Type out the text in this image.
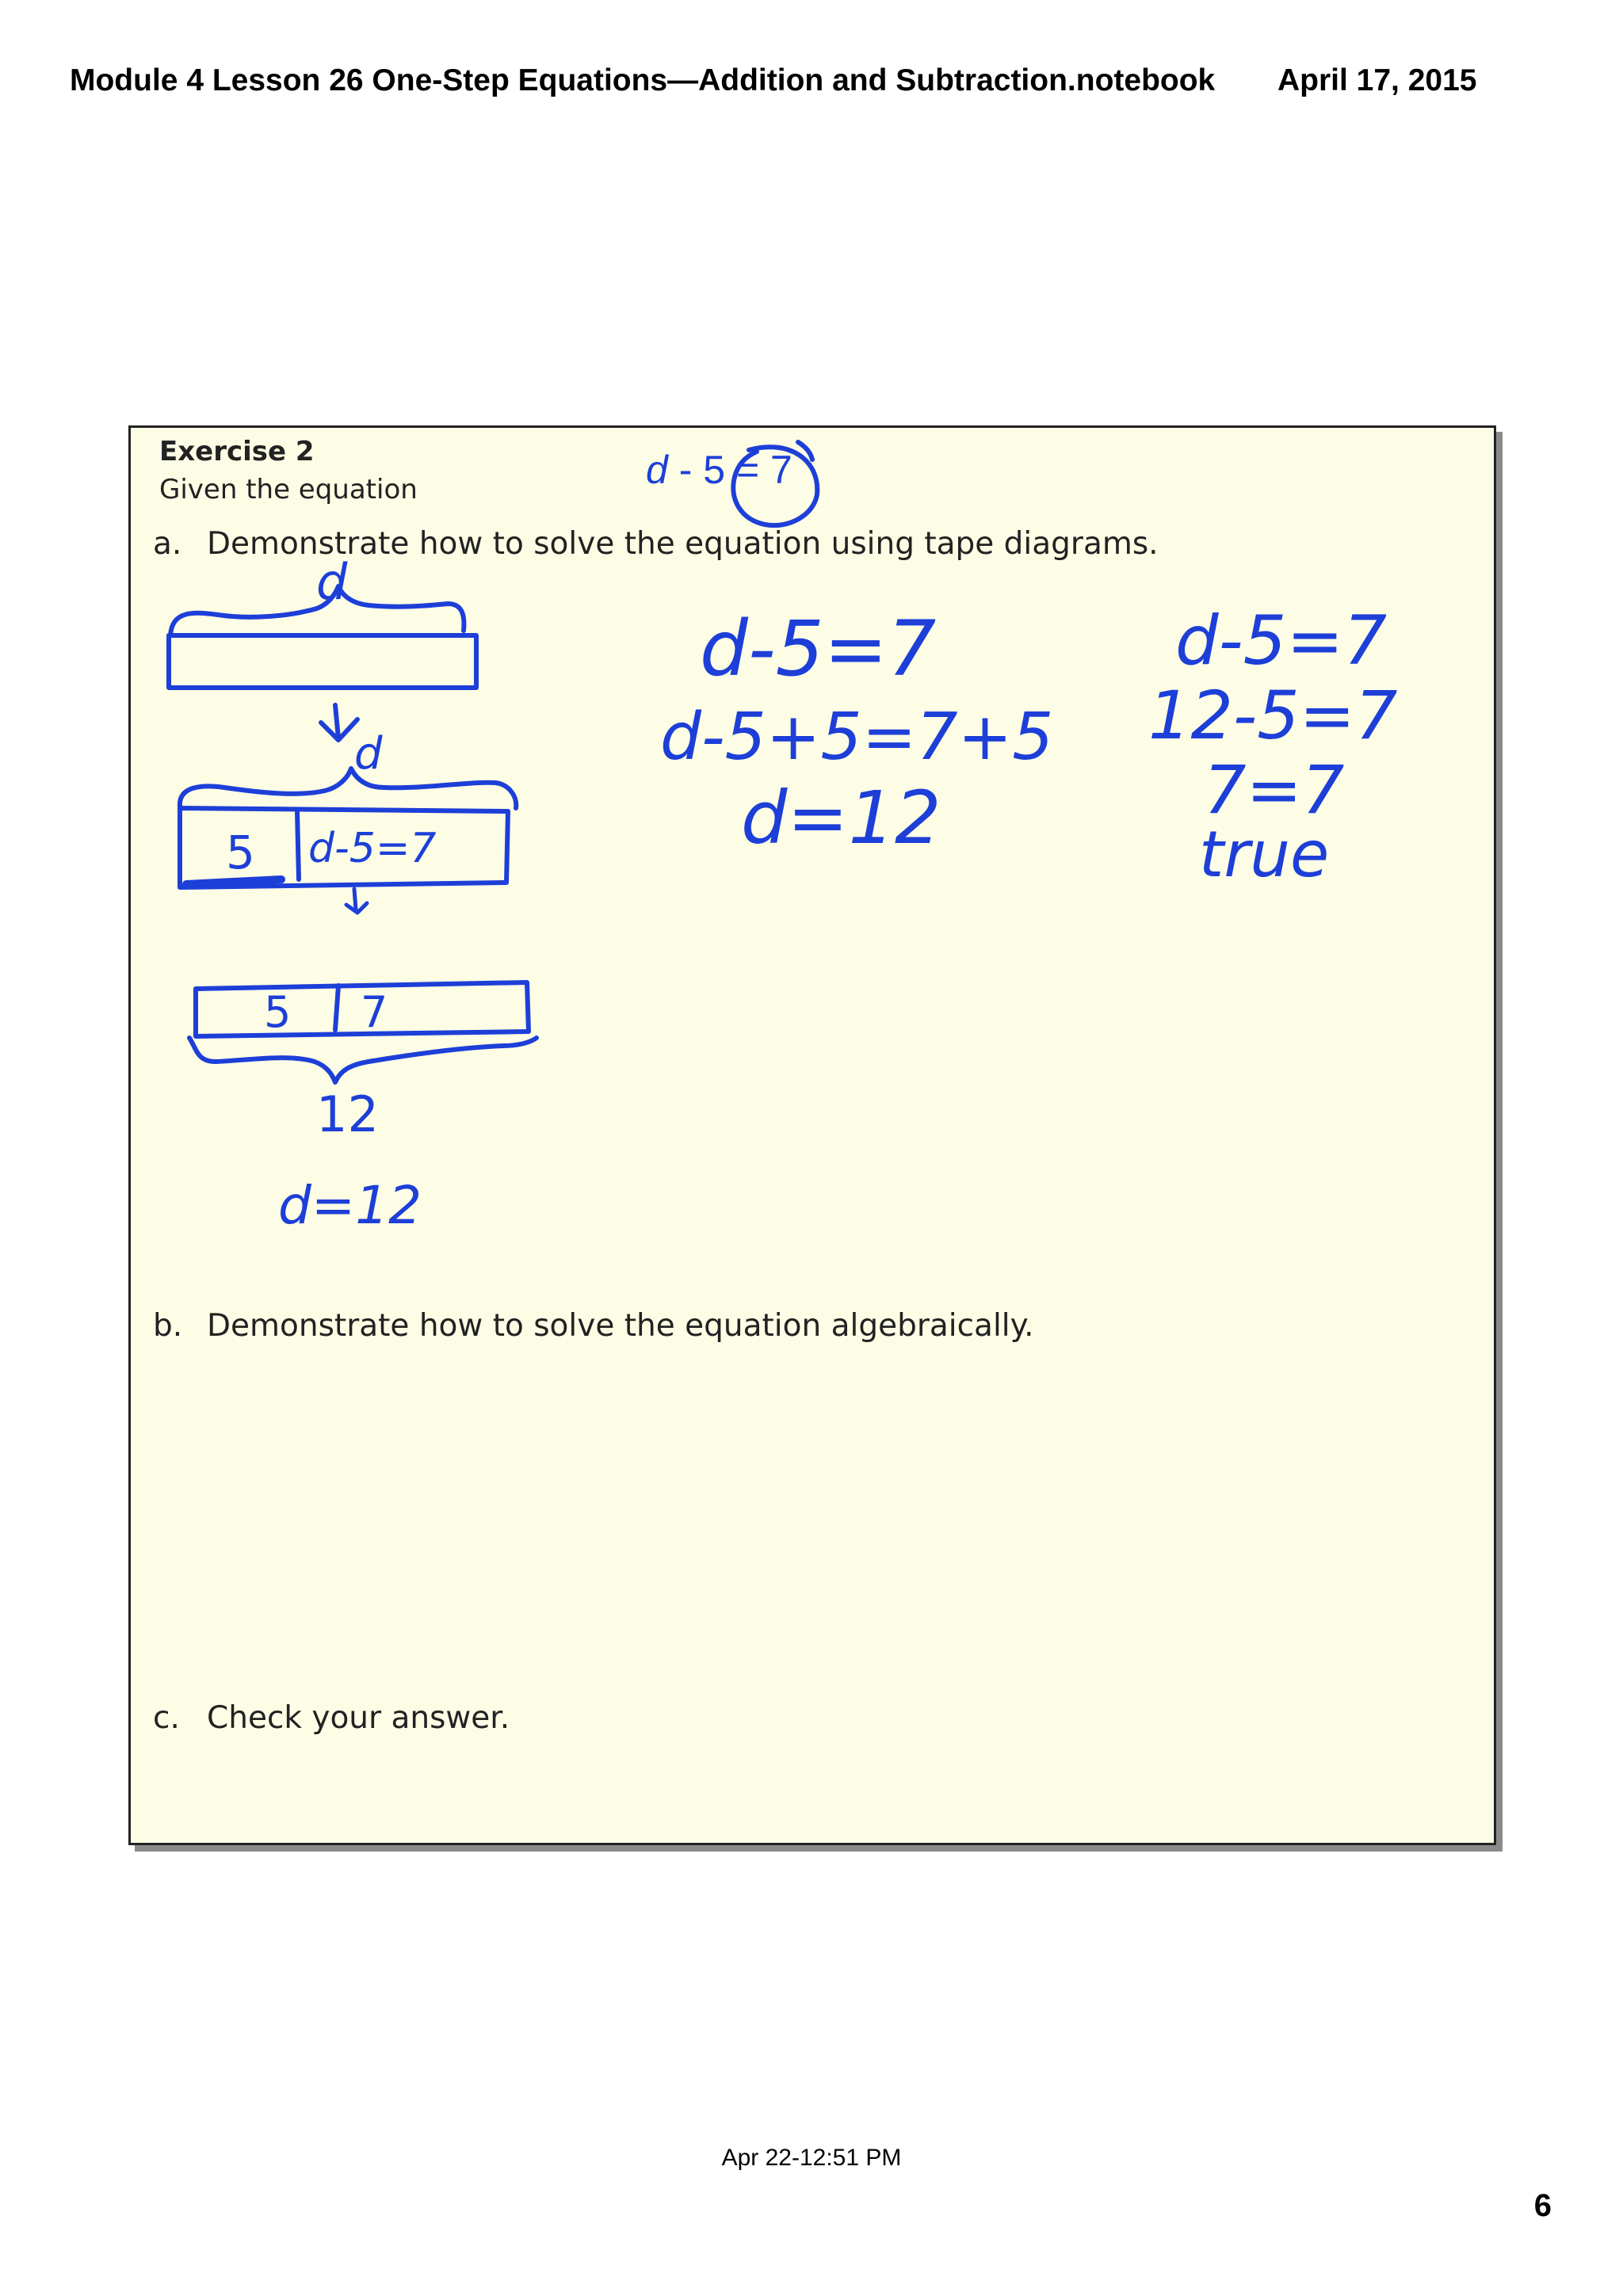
Module 4 Lesson 26 One-Step Equations—Addition and Subtraction.notebook April 17, 2015
Exercise 2
Given the equation	d - 5 = 7
a. Demonstrate how to solve the equation using tape diagrams.
b. Demonstrate how to solve the equation algebraically.
c. Check your answer.
d
d
5 d-5=7
5 7
12
d=12
d-5=7
d-5+5=7+5
d=12
d-5=7
12-5=7
7=7
true
Apr 22-12:51 PM
6
